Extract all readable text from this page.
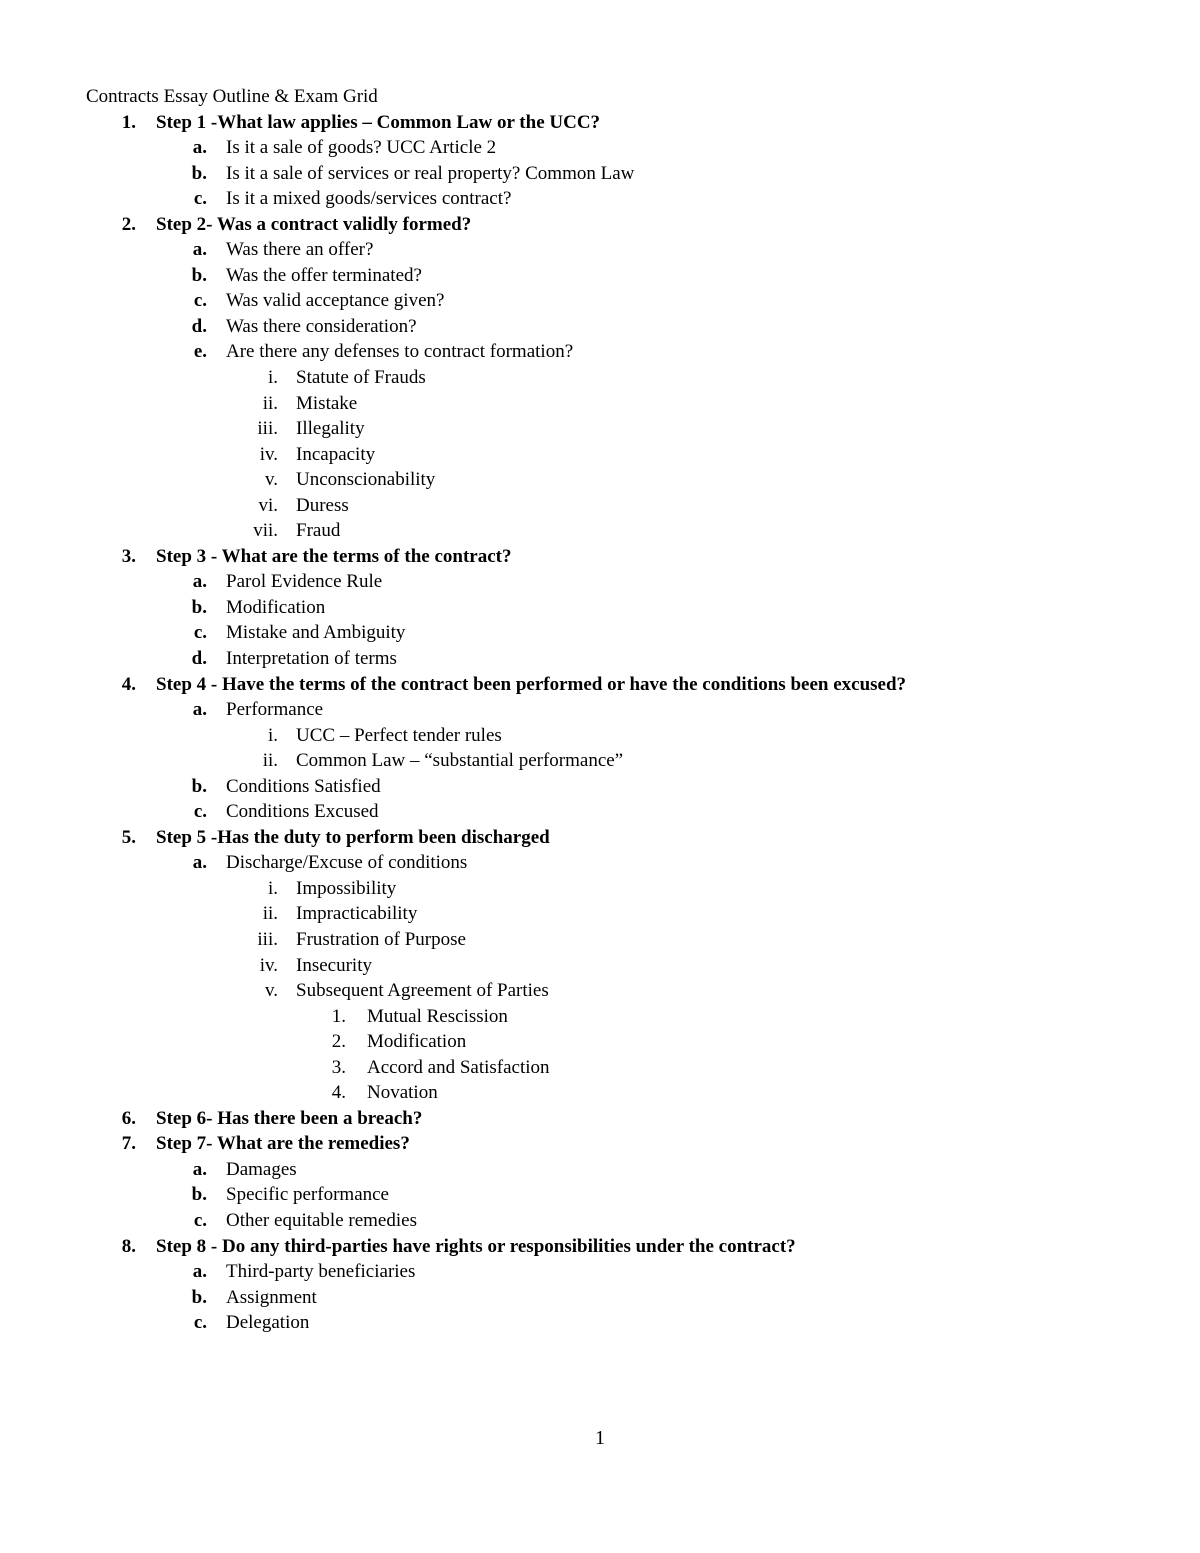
Contracts Essay Outline & Exam Grid
1. Step 1 -What law applies – Common Law or the UCC?
a. Is it a sale of goods? UCC Article 2
b. Is it a sale of services or real property? Common Law
c. Is it a mixed goods/services contract?
2. Step 2- Was a contract validly formed?
a. Was there an offer?
b. Was the offer terminated?
c. Was valid acceptance given?
d. Was there consideration?
e. Are there any defenses to contract formation?
i. Statute of Frauds
ii. Mistake
iii. Illegality
iv. Incapacity
v. Unconscionability
vi. Duress
vii. Fraud
3. Step 3 - What are the terms of the contract?
a. Parol Evidence Rule
b. Modification
c. Mistake and Ambiguity
d. Interpretation of terms
4. Step 4 - Have the terms of the contract been performed or have the conditions been excused?
a. Performance
i. UCC – Perfect tender rules
ii. Common Law – “substantial performance”
b. Conditions Satisfied
c. Conditions Excused
5. Step 5 -Has the duty to perform been discharged
a. Discharge/Excuse of conditions
i. Impossibility
ii. Impracticability
iii. Frustration of Purpose
iv. Insecurity
v. Subsequent Agreement of Parties
1. Mutual Rescission
2. Modification
3. Accord and Satisfaction
4. Novation
6. Step 6- Has there been a breach?
7. Step 7- What are the remedies?
a. Damages
b. Specific performance
c. Other equitable remedies
8. Step 8 - Do any third-parties have rights or responsibilities under the contract?
a. Third-party beneficiaries
b. Assignment
c. Delegation
1
